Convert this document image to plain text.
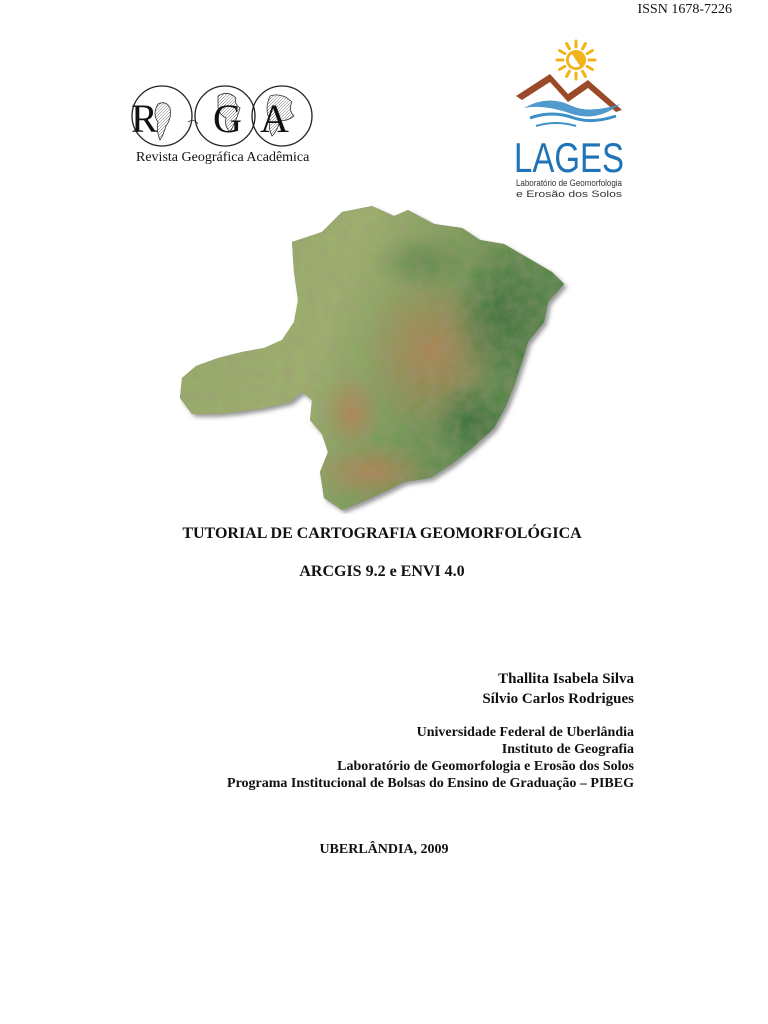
ISSN 1678-7226
R G A
Revista Geográfica Acadêmica	LAGES
Laboratório de Geomorfologia
e Erosão dos Solos
TUTORIAL DE CARTOGRAFIA GEOMORFOLÓGICA
ARCGIS 9.2 e ENVI 4.0
Thallita Isabela Silva
Sílvio Carlos Rodrigues
Universidade Federal de Uberlândia
Instituto de Geografia
Laboratório de Geomorfologia e Erosão dos Solos
Programa Institucional de Bolsas do Ensino de Graduação – PIBEG
UBERLÂNDIA, 2009
